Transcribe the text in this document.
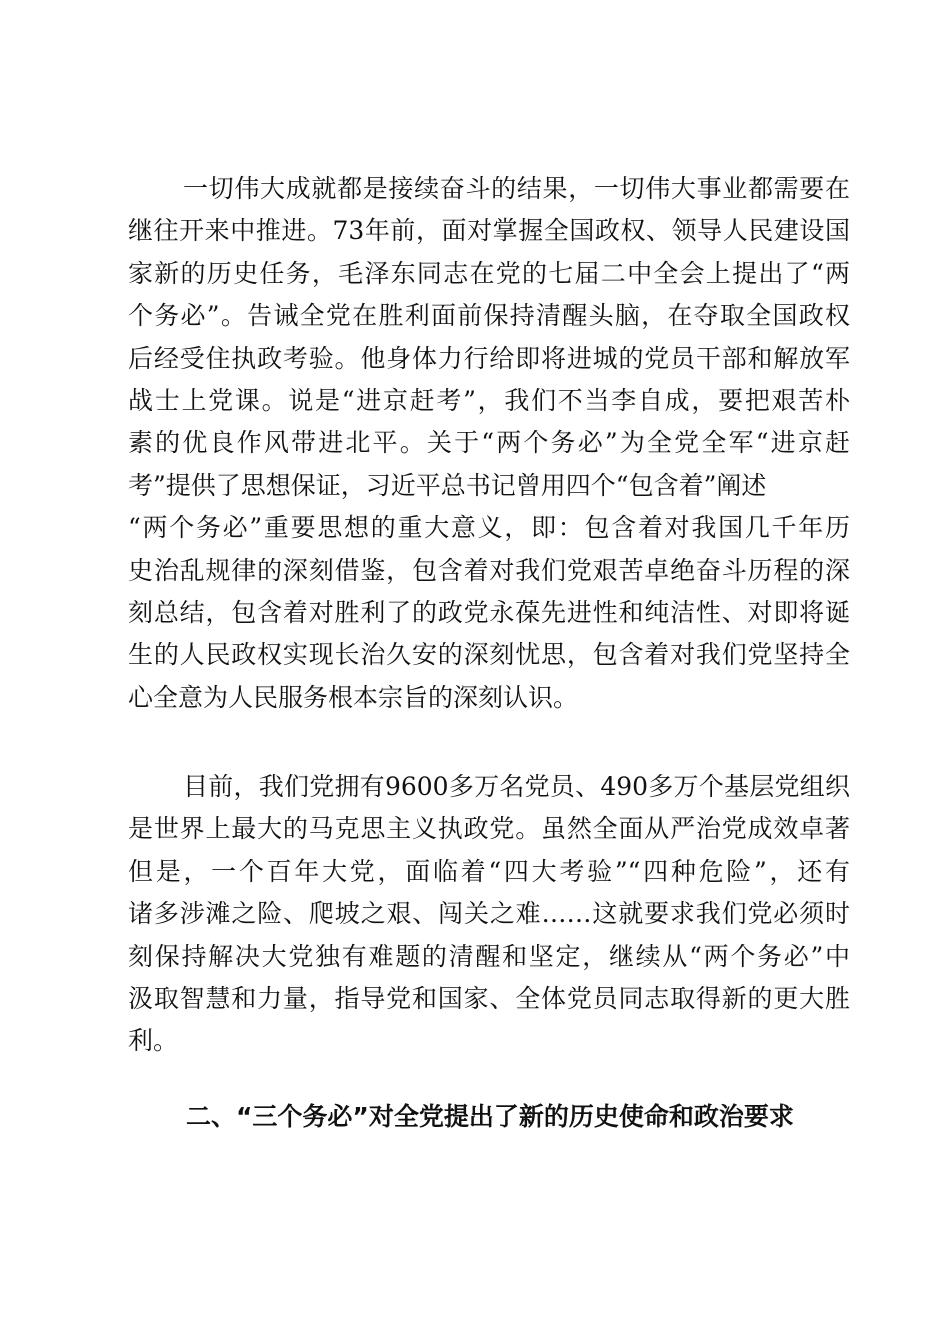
一切伟大成就都是接续奋斗的结果，一切伟大事业都需要在
继往开来中推进。73年前，面对掌握全国政权、领导人民建设国
家新的历史任务，毛泽东同志在党的七届二中全会上提出了“两
个务必”。告诫全党在胜利面前保持清醒头脑，在夺取全国政权
后经受住执政考验。他身体力行给即将进城的党员干部和解放军
战士上党课。说是“进京赶考”，我们不当李自成，要把艰苦朴
素的优良作风带进北平。关于“两个务必”为全党全军“进京赶
考”提供了思想保证，习近平总书记曾用四个“包含着”阐述
“两个务必”重要思想的重大意义，即：包含着对我国几千年历
史治乱规律的深刻借鉴，包含着对我们党艰苦卓绝奋斗历程的深
刻总结，包含着对胜利了的政党永葆先进性和纯洁性、对即将诞
生的人民政权实现长治久安的深刻忧思，包含着对我们党坚持全
心全意为人民服务根本宗旨的深刻认识。
目前，我们党拥有9600多万名党员、490多万个基层党组织
是世界上最大的马克思主义执政党。虽然全面从严治党成效卓著
但是，一个百年大党，面临着“四大考验”“四种危险”，还有
诸多涉滩之险、爬坡之艰、闯关之难……这就要求我们党必须时
刻保持解决大党独有难题的清醒和坚定，继续从“两个务必”中
汲取智慧和力量，指导党和国家、全体党员同志取得新的更大胜
利。
二、“三个务必”对全党提出了新的历史使命和政治要求
